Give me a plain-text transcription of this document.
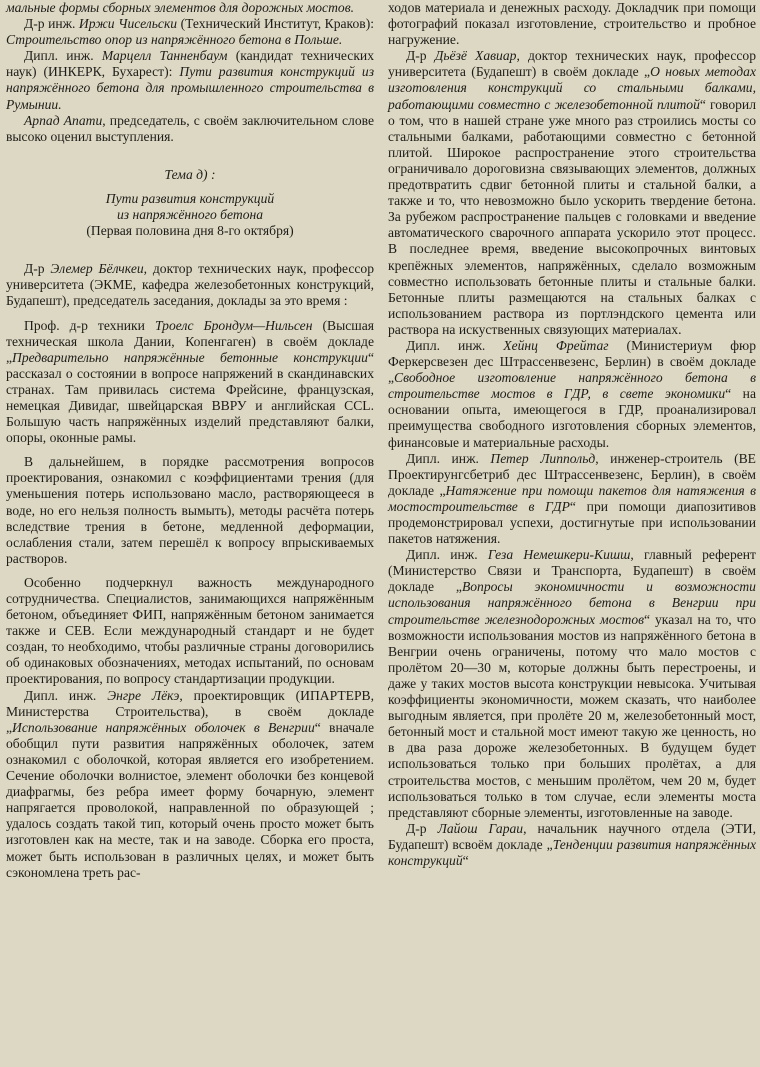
мальные формы сборных элементов для дорожных мостов.

Д-р инж. Иржи Чисельски (Технический Институт, Краков): Строительство опор из напряжённого бетона в Польше.

Дипл. инж. Марцелл Танненбаум (кандидат технических наук) (ИНКЕРК, Бухарест): Пути развития конструкций из напряжённого бетона для промышленного строительства в Румынии.

Арпад Апати, председатель, с своём заключительном слове высоко оценил выступления.

Тема д) :

Пути развития конструкций

из напряжённого бетона

(Первая половина дня 8-го октября)

Д-р Элемер Бёлчкеи, доктор технических наук, профессор университета (ЭКМЕ, кафедра железобетонных конструкций, Будапешт), председатель заседания, доклады за это время :

Проф. д-р техники Троелс Брондум—Нильсен (Высшая техническая школа Дании, Копенгаген) в своём докладе „Предварительно напряжённые бетонные конструкции“ рассказал о состоянии в вопросе напряжений в скандинавских странах. Там привилась система Фрейсине, французская, немецкая Дивидаг, швейцарская ВВРУ и английская CCL. Большую часть напряжённых изделий представляют балки, опоры, оконные рамы.

В дальнейшем, в порядке рассмотрения вопросов проектирования, ознакомил с коэффициентами трения (для уменьшения потерь использовано масло, растворяющееся в воде, но его нельзя полность вымыть), методы расчёта потерь вследствие трения в бетоне, медленной деформации, ослабления стали, затем перешёл к вопросу впрыскиваемых растворов.

Особенно подчеркнул важность международного сотрудничества. Специалистов, занимающихся напряжённым бетоном, объединяет ФИП, напряжённым бетоном занимается также и СЕВ. Если международный стандарт и не будет создан, то необходимо, чтобы различные страны договорились об одинаковых обозначениях, методах испытаний, по основам проектирования, по вопросу стандартизации продукции.

Дипл. инж. Энгре Лёкэ, проектировщик (ИПАРТЕРВ, Министерства Строительства), в своём докладе „Использование напряжённых оболочек в Венгрии“ вначале обобщил пути развития напряжённых оболочек, затем ознакомил с оболочкой, которая является его изобретением. Сечение оболочки волнистое, элемент оболочки без концевой диафрагмы, без ребра имеет форму бочарную, элемент напрягается проволокой, направленной по образующей ; удалось создать такой тип, который очень просто может быть изготовлен как на месте, так и на заводе. Сборка его проста, может быть использован в различных целях, и может быть сэкономлена треть рас-

ходов материала и денежных расходу. Докладчик при помощи фотографий показал изготовление, строительство и пробное нагружение.

Д-р Дьёзё Хавиар, доктор технических наук, профессор университета (Будапешт) в своём докладе „О новых методах изготовления конструкций со стальными балками, работающими совместно с железобетонной плитой“ говорил о том, что в нашей стране уже много раз строились мосты со стальными балками, работающими совместно с бетонной плитой. Широкое распространение этого строительства ограничивало дороговизна связывающих элементов, должных предотвратить сдвиг бетонной плиты и стальной балки, а также и то, что невозможно было ускорить твердение бетона. За рубежом распространение пальцев с головками и введение автоматического сварочного аппарата ускорило этот процесс. В последнее время, введение высокопрочных винтовых крепёжных элементов, напряжённых, сделало возможным совместно использовать бетонные плиты и стальные балки. Бетонные плиты размещаются на стальных балках с использованием раствора из портлэндского цемента или раствора на искуственных связующих материалах.

Дипл. инж. Хейнц Фрейтаг (Министериум фюр Феркерсвезен дес Штрассенвезенс, Берлин) в своём докладе „Свободное изготовление напряжённого бетона в строительстве мостов в ГДР, в свете экономики“ на основании опыта, имеющегося в ГДР, проанализировал преимущества свободного изготовления сборных элементов, финансовые и материальные расходы.

Дипл. инж. Петер Липпольд, инженер-строитель (ВЕ Проектирунгсбетриб дес Штрассенвезенс, Берлин), в своём докладе „Натяжение при помощи пакетов для натяжения в мостостроительстве в ГДР“ при помощи диапозитивов продемонстрировал успехи, достигнутые при использовании пакетов натяжения.

Дипл. инж. Геза Немешкери-Кишш, главный референт (Министерство Связи и Транспорта, Будапешт) в своём докладе „Вопросы экономичности и возможности использования напряжённого бетона в Венгрии при строительстве железнодорожных мостов“ указал на то, что возможности использования мостов из напряжённого бетона в Венгрии очень ограничены, потому что мало мостов с пролётом 20—30 м, которые должны быть перестроены, и даже у таких мостов высота конструкции невысока. Учитывая коэффициенты экономичности, можем сказать, что наиболее выгодным является, при пролёте 20 м, железобетонный мост, бетонный мост и стальной мост имеют такую же ценность, но в два раза дороже железобетонных. В будущем будет использоваться только при больших пролётах, а для строительства мостов, с меньшим пролётом, чем 20 м, будет использоваться только в том случае, если элементы моста представляют сборные элементы, изготовленные на заводе.

Д-р Лайош Гараи, начальник научного отдела (ЭТИ, Будапешт) всвоём докладе „Тенденции развития напряжённых конструкций“
